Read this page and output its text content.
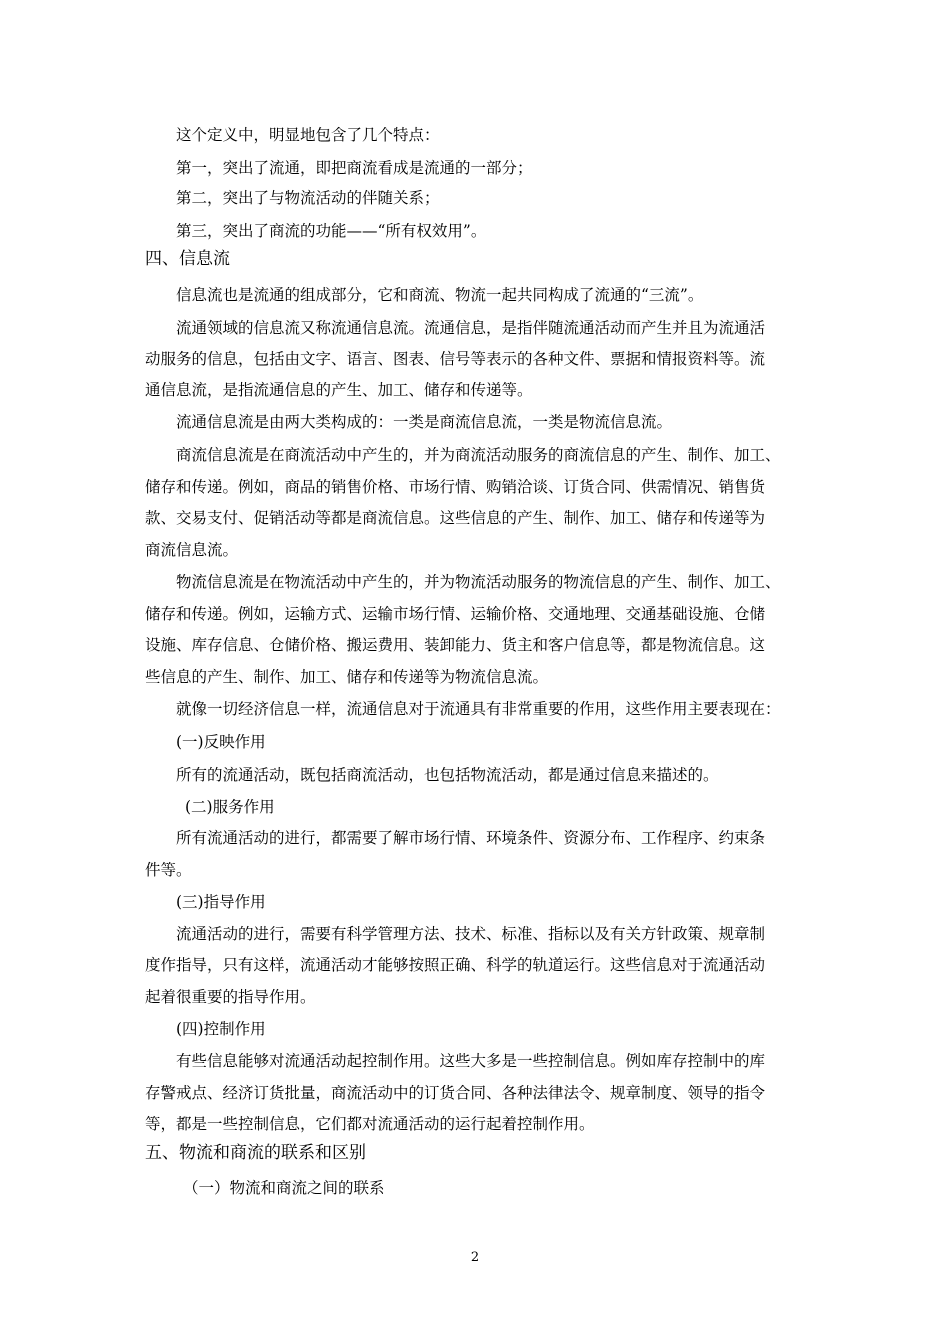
这个定义中，明显地包含了几个特点：
第一，突出了流通，即把商流看成是流通的一部分；
第二，突出了与物流活动的伴随关系；
第三，突出了商流的功能——“所有权效用”。
四、信息流
信息流也是流通的组成部分，它和商流、物流一起共同构成了流通的“三流”。
流通领域的信息流又称流通信息流。流通信息，是指伴随流通活动而产生并且为流通活
动服务的信息，包括由文字、语言、图表、信号等表示的各种文件、票据和情报资料等。流
通信息流，是指流通信息的产生、加工、储存和传递等。
流通信息流是由两大类构成的：一类是商流信息流，一类是物流信息流。
商流信息流是在商流活动中产生的，并为商流活动服务的商流信息的产生、制作、加工、
储存和传递。例如，商品的销售价格、市场行情、购销洽谈、订货合同、供需情况、销售货
款、交易支付、促销活动等都是商流信息。这些信息的产生、制作、加工、储存和传递等为
商流信息流。
物流信息流是在物流活动中产生的，并为物流活动服务的物流信息的产生、制作、加工、
储存和传递。例如，运输方式、运输市场行情、运输价格、交通地理、交通基础设施、仓储
设施、库存信息、仓储价格、搬运费用、装卸能力、货主和客户信息等，都是物流信息。这
些信息的产生、制作、加工、储存和传递等为物流信息流。
就像一切经济信息一样，流通信息对于流通具有非常重要的作用，这些作用主要表现在：
(一)反映作用
所有的流通活动，既包括商流活动，也包括物流活动，都是通过信息来描述的。
(二)服务作用
所有流通活动的进行，都需要了解市场行情、环境条件、资源分布、工作程序、约束条
件等。
(三)指导作用
流通活动的进行，需要有科学管理方法、技术、标准、指标以及有关方针政策、规章制
度作指导，只有这样，流通活动才能够按照正确、科学的轨道运行。这些信息对于流通活动
起着很重要的指导作用。
(四)控制作用
有些信息能够对流通活动起控制作用。这些大多是一些控制信息。例如库存控制中的库
存警戒点、经济订货批量，商流活动中的订货合同、各种法律法令、规章制度、领导的指令
等，都是一些控制信息，它们都对流通活动的运行起着控制作用。
五、物流和商流的联系和区别
（一）物流和商流之间的联系
2
